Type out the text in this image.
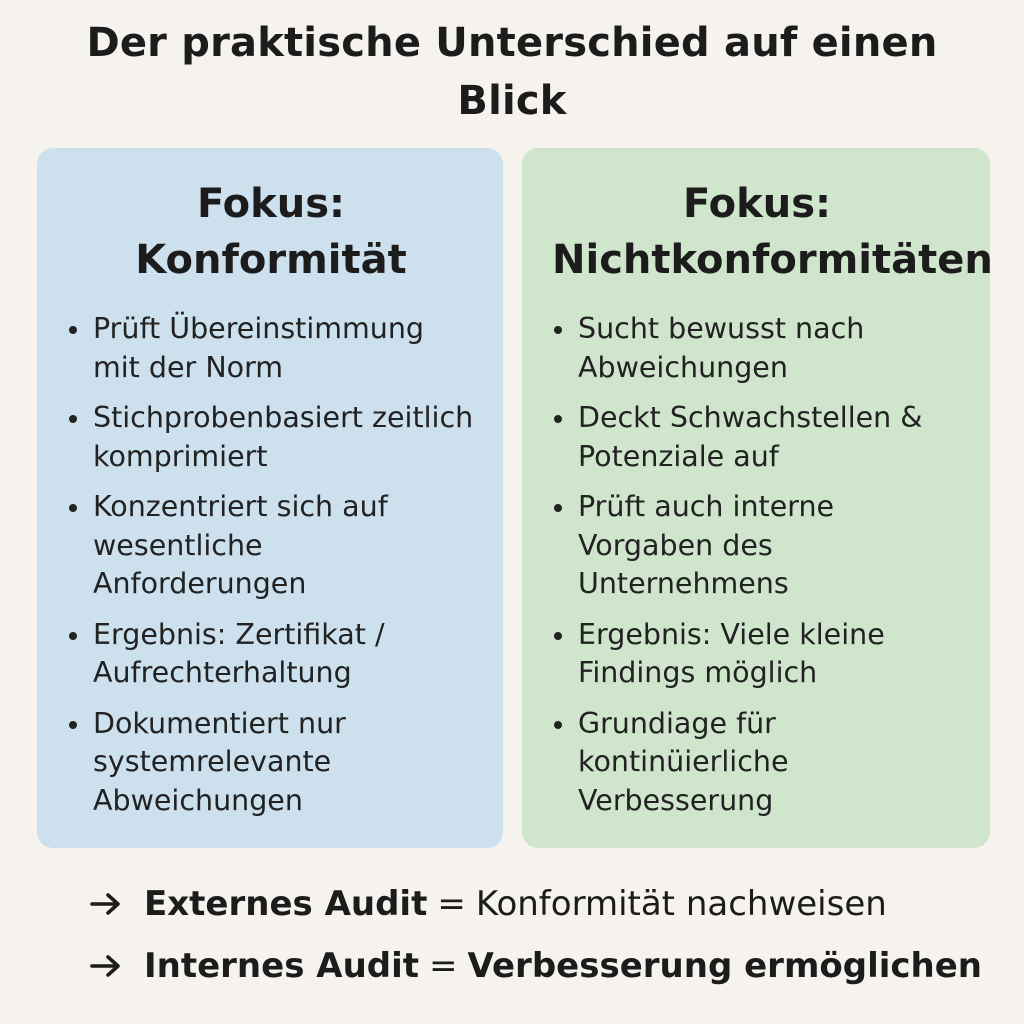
Der praktische Unterschied auf einen Blick
Fokus:
Konformität
Prüft Übereinstimmung mit der Norm
Stichprobenbasiert zeitlich komprimiert
Konzentriert sich auf wesentliche Anforderungen
Ergebnis: Zertifikat / Aufrechterhaltung
Dokumentiert nur systemrelevante Abweichungen
Fokus:
Nichtkonformitäten
Sucht bewusst nach Abweichungen
Deckt Schwachstellen & Potenziale auf
Prüft auch interne Vorgaben des Unternehmens
Ergebnis: Viele kleine Findings möglich
Grundiage für kontinüierliche Verbesserung
Externes Audit = Konformität nachweisen
Internes Audit = Verbesserung ermöglichen
